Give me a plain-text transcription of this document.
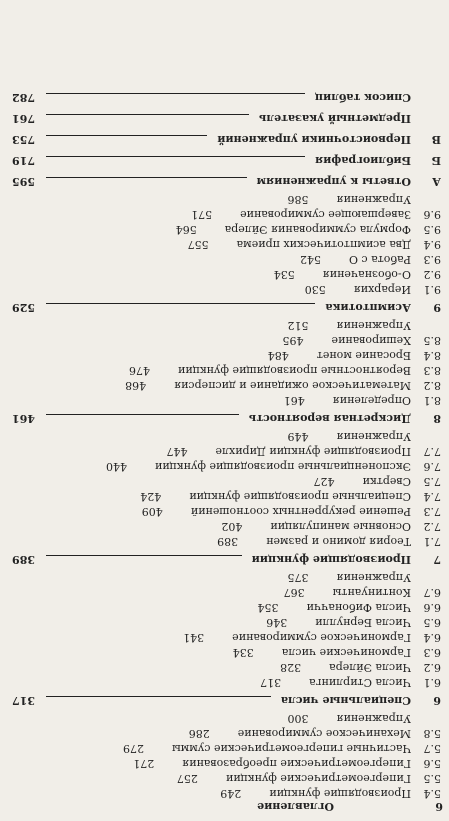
6
Оглавление
5.4
Производящие функции249
5.5
Гипергеометрические функции257
5.6
Гипергеометрические преобразования271
5.7
Частичные гипергеометрические суммы279
5.8
Механическое суммирование286
Упражнения300
6
Специальные числа
317
6.1
Числа Стирлинга317
6.2
Числа Эйлера328
6.3
Гармонические числа334
6.4
Гармоническое суммирование341
6.5
Числа Бернулли346
6.6
Числа Фибоначчи354
6.7
Континуанты367
Упражнения375
7
Производящие функции
389
7.1
Теория домино и размен389
7.2
Основные манипуляции402
7.3
Решение рекуррентных соотношений409
7.4
Специальные производящие функции424
7.5
Свертки427
7.6
Экспоненциальные производящие функции440
7.7
Производящие функции Дирихле447
Упражнения449
8
Дискретная вероятность
461
8.1
Определения461
8.2
Математическое ожидание и дисперсия468
8.3
Вероятностные производящие функции476
8.4
Бросание монет484
8.5
Хеширование495
Упражнения512
9
Асимптотика
529
9.1
Иерархия530
9.2
O-обозначения534
9.3
Работа с O542
9.4
Два асимптотических приема557
9.5
Формула суммирования Эйлера564
9.6
Завершающее суммирование571
Упражнения586
А
Ответы к упражнениям
595
Б
Библиография
719
В
Первоисточники упражнений
753
Предметный указатель
761
Список таблиц
782
